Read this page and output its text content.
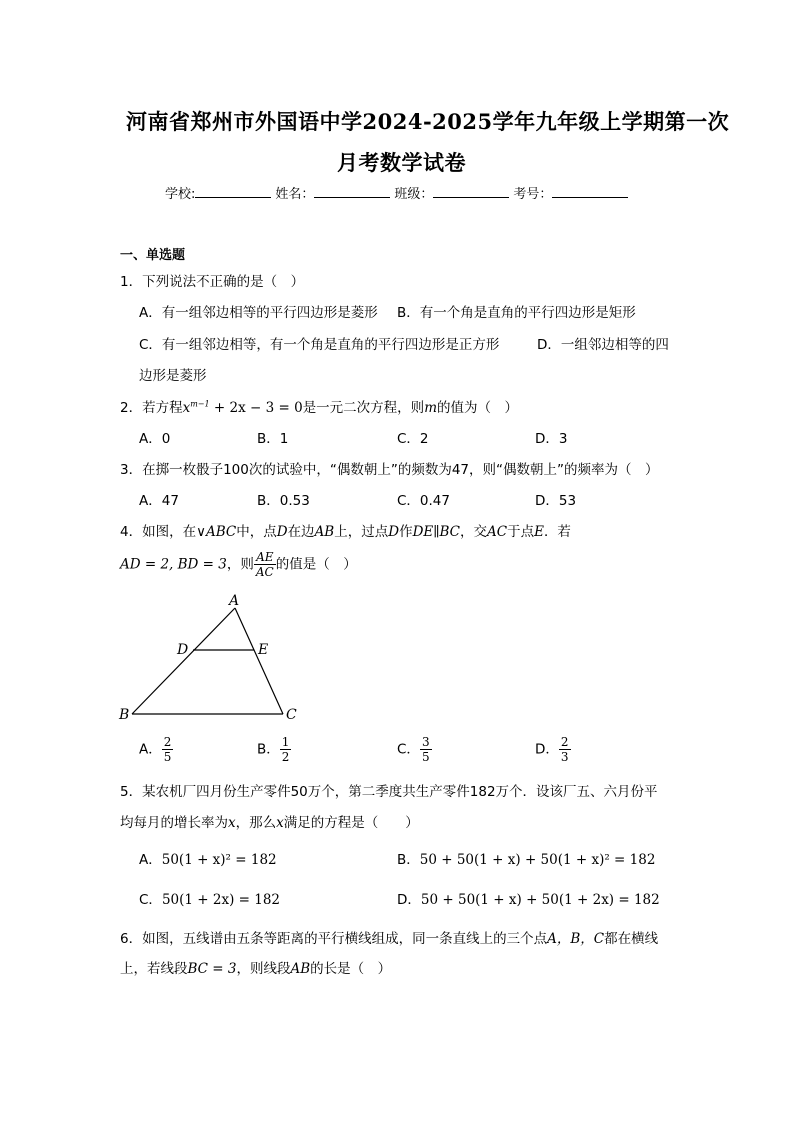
河南省郑州市外国语中学2024-2025学年九年级上学期第一次
月考数学试卷
学校:	姓名：	班级：	考号：
一、单选题
1．下列说法不正确的是（　）
A．有一组邻边相等的平行四边形是菱形 B．有一个角是直角的平行四边形是矩形
C．有一组邻边相等，有一个角是直角的平行四边形是正方形	D．一组邻边相等的四
边形是菱形
2．若方程$x^{m-1} + 2x - 3 = 0$是一元二次方程，则m的值为（　）
A．0	B．1	C．2	D．3
3．在掷一枚骰子100次的试验中，“偶数朝上”的频数为47，则“偶数朝上”的频率为（　）
A．47	B．0.53	C．0.47	D．53
4．如图，在∨ABC中，点D在边AB上，过点D作DE∥BC，交AC于点E．若
AD = 2, BD = 3，则 $\frac{AE}{AC}$ 的值是（　）
A
D	E
B	C
A． $\frac{2}{5}$	B． $\frac{1}{2}$	C． $\frac{3}{5}$	D． $\frac{2}{3}$
5．某农机厂四月份生产零件50万个，第二季度共生产零件182万个．设该厂五、六月份平
均每月的增长率为x，那么x满足的方程是（　　）
A．50(1 + x)² = 182	B．50 + 50(1 + x) + 50(1 + x)² = 182
C．50(1 + 2x) = 182	D．50 + 50(1 + x) + 50(1 + 2x) = 182
6．如图，五线谱由五条等距离的平行横线组成，同一条直线上的三个点A，B，C都在横线
上，若线段BC = 3，则线段AB的长是（　）
